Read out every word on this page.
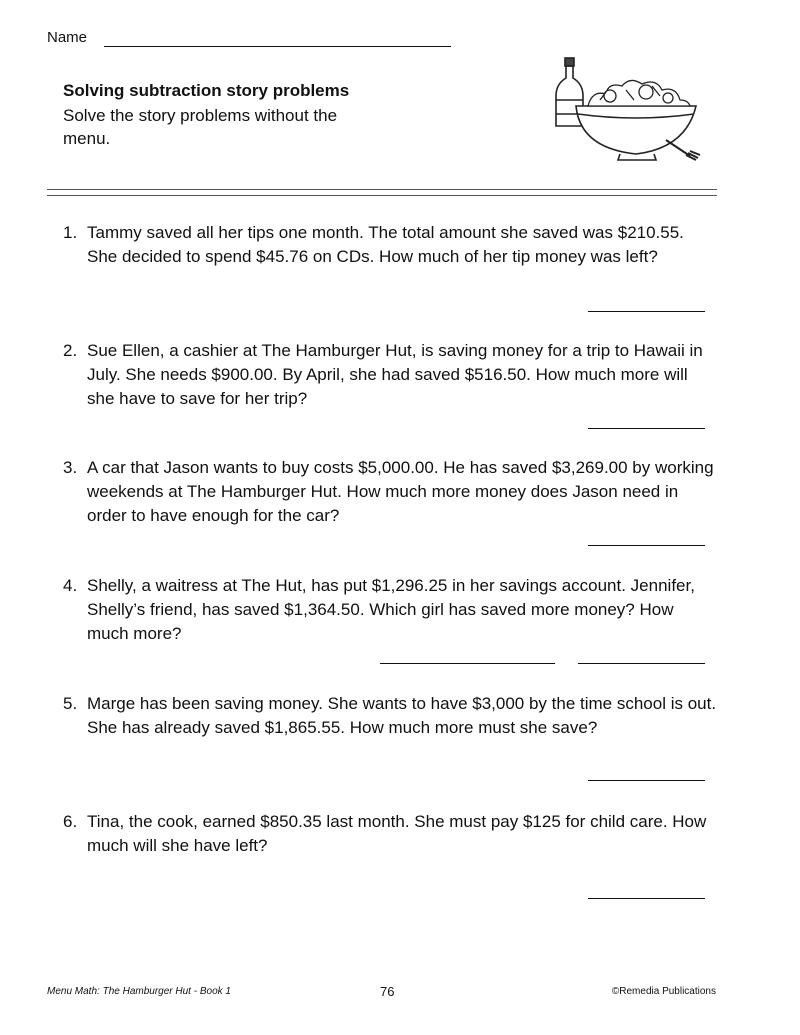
Name
Solving subtraction story problems
Solve the story problems without the menu.
1. Tammy saved all her tips one month. The total amount she saved was $210.55. She decided to spend $45.76 on CDs. How much of her tip money was left?
2. Sue Ellen, a cashier at The Hamburger Hut, is saving money for a trip to Hawaii in July. She needs $900.00. By April, she had saved $516.50. How much more will she have to save for her trip?
3. A car that Jason wants to buy costs $5,000.00. He has saved $3,269.00 by working weekends at The Hamburger Hut. How much more money does Jason need in order to have enough for the car?
4. Shelly, a waitress at The Hut, has put $1,296.25 in her savings account. Jennifer, Shelly’s friend, has saved $1,364.50. Which girl has saved more money? How much more?
5. Marge has been saving money. She wants to have $3,000 by the time school is out. She has already saved $1,865.55. How much more must she save?
6. Tina, the cook, earned $850.35 last month. She must pay $125 for child care. How much will she have left?
Menu Math: The Hamburger Hut - Book 1	76	©Remedia Publications
